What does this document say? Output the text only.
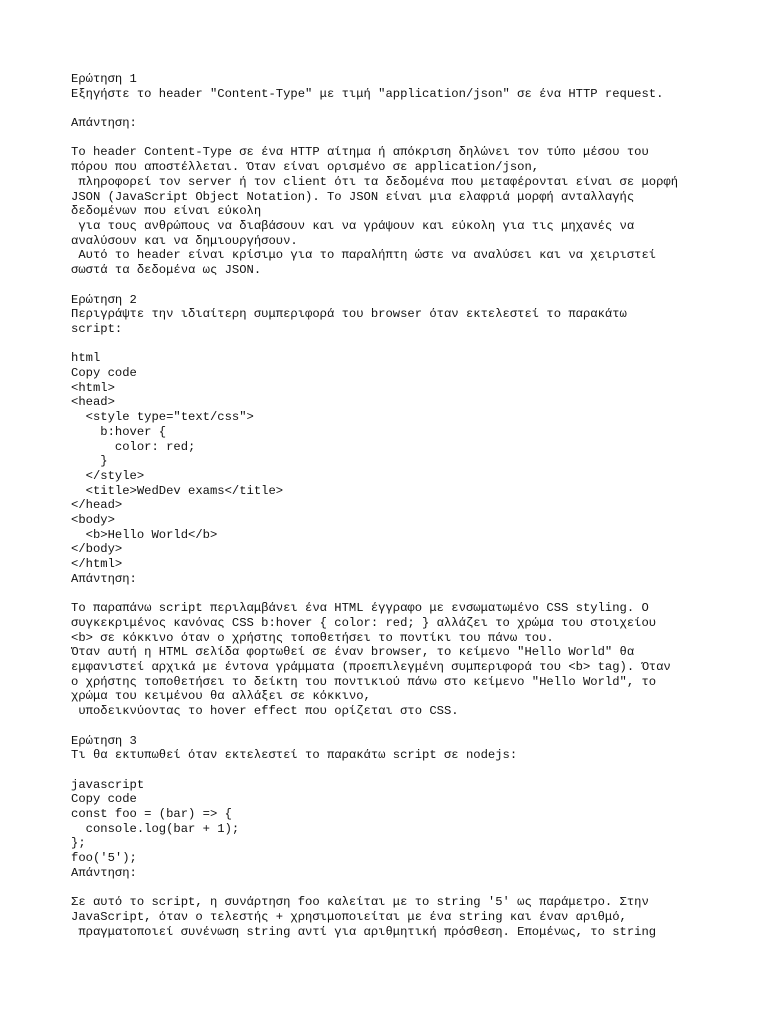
Ερώτηση 1
Εξηγήστε το header "Content-Type" με τιμή "application/json" σε ένα HTTP request.
Απάντηση:
Το header Content-Type σε ένα HTTP αίτημα ή απόκριση δηλώνει τον τύπο μέσου του
πόρου που αποστέλλεται. Όταν είναι ορισμένο σε application/json,
πληροφορεί τον server ή τον client ότι τα δεδομένα που μεταφέρονται είναι σε μορφή
JSON (JavaScript Object Notation). Το JSON είναι μια ελαφριά μορφή ανταλλαγής
δεδομένων που είναι εύκολη
για τους ανθρώπους να διαβάσουν και να γράψουν και εύκολη για τις μηχανές να
αναλύσουν και να δημιουργήσουν.
Αυτό το header είναι κρίσιμο για το παραλήπτη ώστε να αναλύσει και να χειριστεί
σωστά τα δεδομένα ως JSON.
Ερώτηση 2
Περιγράψτε την ιδιαίτερη συμπεριφορά του browser όταν εκτελεστεί το παρακάτω
script:
html
Copy code
<html>
<head>
<style type="text/css">
b:hover {
color: red;
}
</style>
<title>WedDev exams</title>
</head>
<body>
<b>Hello World</b>
</body>
</html>
Απάντηση:
Το παραπάνω script περιλαμβάνει ένα HTML έγγραφο με ενσωματωμένο CSS styling. Ο
συγκεκριμένος κανόνας CSS b:hover { color: red; } αλλάζει το χρώμα του στοιχείου
<b> σε κόκκινο όταν ο χρήστης τοποθετήσει το ποντίκι του πάνω του.
Όταν αυτή η HTML σελίδα φορτωθεί σε έναν browser, το κείμενο "Hello World" θα
εμφανιστεί αρχικά με έντονα γράμματα (προεπιλεγμένη συμπεριφορά του <b> tag). Όταν
ο χρήστης τοποθετήσει το δείκτη του ποντικιού πάνω στο κείμενο "Hello World", το
χρώμα του κειμένου θα αλλάξει σε κόκκινο,
υποδεικνύοντας το hover effect που ορίζεται στο CSS.
Ερώτηση 3
Τι θα εκτυπωθεί όταν εκτελεστεί το παρακάτω script σε nodejs:
javascript
Copy code
const foo = (bar) => {
console.log(bar + 1);
};
foo('5');
Απάντηση:
Σε αυτό το script, η συνάρτηση foo καλείται με το string '5' ως παράμετρο. Στην
JavaScript, όταν ο τελεστής + χρησιμοποιείται με ένα string και έναν αριθμό,
πραγματοποιεί συνένωση string αντί για αριθμητική πρόσθεση. Επομένως, το string
